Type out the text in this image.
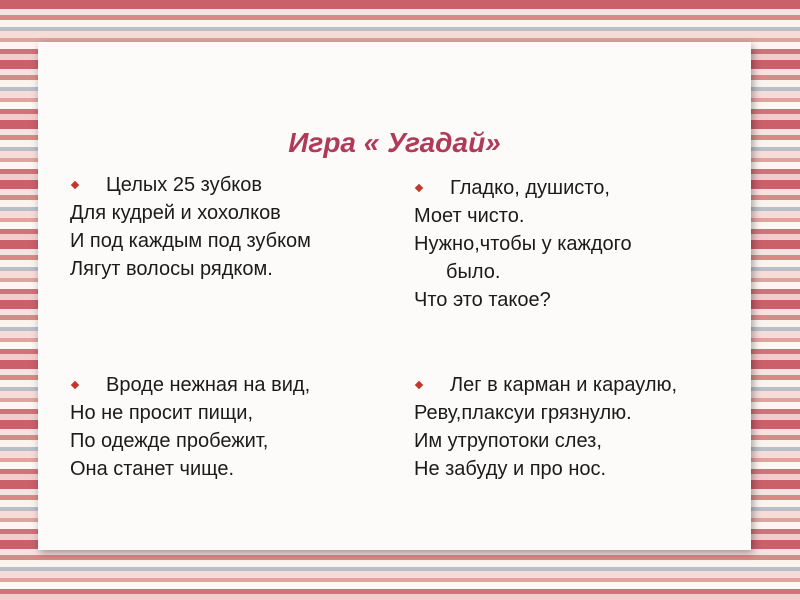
Игра « Угадай»
Целых 25 зубков
Для кудрей и хохолков
И под каждым под зубком
Лягут волосы рядком.
Гладко, душисто,
Моет чисто.
Нужно,чтобы у каждого
было.
Что это такое?
Вроде нежная на вид,
Но не просит пищи,
По одежде пробежит,
Она станет чище.
Лег в карман и караулю,
Реву,плаксуи грязнулю.
Им утрупотоки слез,
Не забуду и про нос.
